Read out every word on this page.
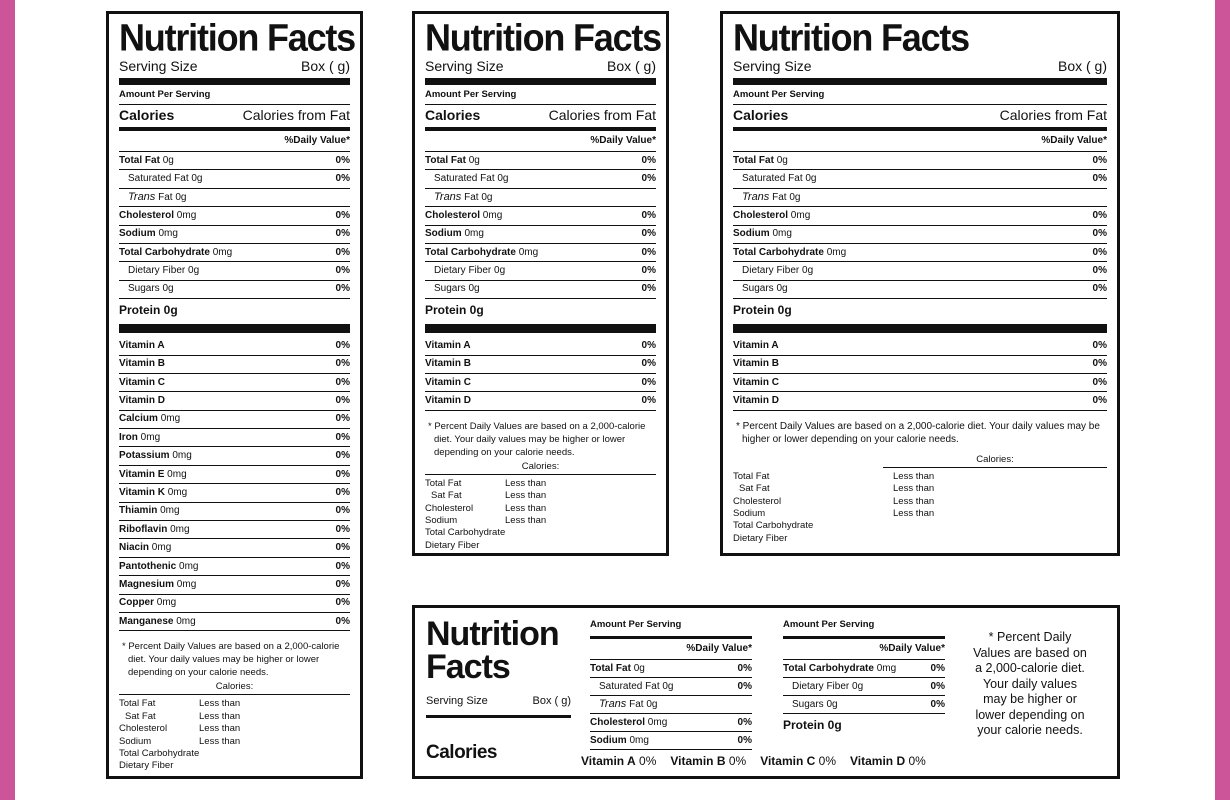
Nutrition Facts
Serving Size	Box ( g)
Amount Per Serving
Calories	Calories from Fat
%Daily Value*
Total Fat 0g	0%
Saturated Fat 0g	0%
Trans Fat 0g
Cholesterol 0mg	0%
Sodium 0mg	0%
Total Carbohydrate 0mg	0%
Dietary Fiber 0g	0%
Sugars 0g	0%
Protein 0g
Vitamin A	0%
Vitamin B	0%
Vitamin C	0%
Vitamin D	0%
Calcium 0mg	0%
Iron 0mg	0%
Potassium 0mg	0%
Vitamin E 0mg	0%
Vitamin K 0mg	0%
Thiamin 0mg	0%
Riboflavin 0mg	0%
Niacin 0mg	0%
Pantothenic 0mg	0%
Magnesium 0mg	0%
Copper 0mg	0%
Manganese 0mg	0%
* Percent Daily Values are based on a 2,000-calorie diet. Your daily values may be higher or lower depending on your calorie needs.
Calories:
Total Fat	Less than
Sat Fat	Less than
Cholesterol	Less than
Sodium	Less than
Total Carbohydrate
Dietary Fiber
Nutrition Facts
Serving Size	Box ( g)
Amount Per Serving
Calories	Calories from Fat
%Daily Value*
Total Fat 0g	0%
Saturated Fat 0g	0%
Trans Fat 0g
Cholesterol 0mg	0%
Sodium 0mg	0%
Total Carbohydrate 0mg	0%
Dietary Fiber 0g	0%
Sugars 0g	0%
Protein 0g
Vitamin A	0%
Vitamin B	0%
Vitamin C	0%
Vitamin D	0%
* Percent Daily Values are based on a 2,000-calorie diet. Your daily values may be higher or lower depending on your calorie needs.
Calories:
Total Fat	Less than
Sat Fat	Less than
Cholesterol	Less than
Sodium	Less than
Total Carbohydrate
Dietary Fiber
Nutrition Facts
Serving Size	Box ( g)
Amount Per Serving
Calories	Calories from Fat
%Daily Value*
Total Fat 0g	0%
Saturated Fat 0g	0%
Trans Fat 0g
Cholesterol 0mg	0%
Sodium 0mg	0%
Total Carbohydrate 0mg	0%
Dietary Fiber 0g	0%
Sugars 0g	0%
Protein 0g
Vitamin A	0%
Vitamin B	0%
Vitamin C	0%
Vitamin D	0%
* Percent Daily Values are based on a 2,000-calorie diet. Your daily values may be higher or lower depending on your calorie needs.
Calories:
Total Fat	Less than
Sat Fat	Less than
Cholesterol	Less than
Sodium	Less than
Total Carbohydrate
Dietary Fiber
Nutrition
Facts
Serving Size	Box ( g)
Calories
Amount Per Serving
%Daily Value*
Total Fat 0g	0%
Saturated Fat 0g	0%
Trans Fat 0g
Cholesterol 0mg	0%
Sodium 0mg	0%
Amount Per Serving
%Daily Value*
Total Carbohydrate 0mg	0%
Dietary Fiber 0g	0%
Sugars 0g	0%
Protein 0g
* Percent Daily Values are based on a 2,000-calorie diet. Your daily values may be higher or lower depending on your calorie needs.
Vitamin A 0% Vitamin B 0% Vitamin C 0% Vitamin D 0%
